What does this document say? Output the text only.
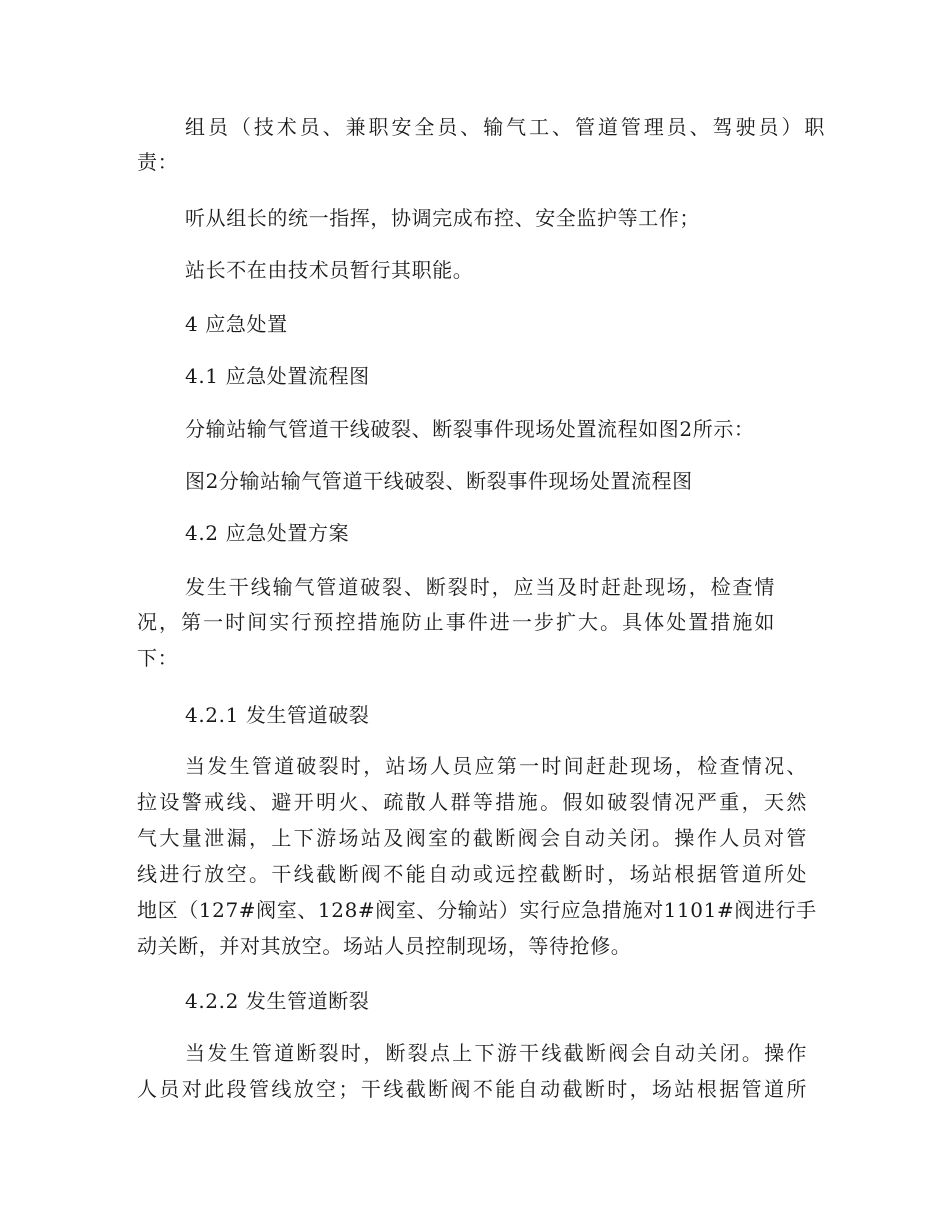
组员（技术员、兼职安全员、输气工、管道管理员、驾驶员）职
责：
听从组长的统一指挥，协调完成布控、安全监护等工作；
站长不在由技术员暂行其职能。
4 应急处置
4.1 应急处置流程图
分输站输气管道干线破裂、断裂事件现场处置流程如图2所示：
图2分输站输气管道干线破裂、断裂事件现场处置流程图
4.2 应急处置方案
发生干线输气管道破裂、断裂时，应当及时赶赴现场，检查情
况，第一时间实行预控措施防止事件进一步扩大。具体处置措施如
下：
4.2.1 发生管道破裂
当发生管道破裂时，站场人员应第一时间赶赴现场，检查情况、
拉设警戒线、避开明火、疏散人群等措施。假如破裂情况严重，天然
气大量泄漏，上下游场站及阀室的截断阀会自动关闭。操作人员对管
线进行放空。干线截断阀不能自动或远控截断时，场站根据管道所处
地区（127#阀室、128#阀室、分输站）实行应急措施对1101#阀进行手
动关断，并对其放空。场站人员控制现场，等待抢修。
4.2.2 发生管道断裂
当发生管道断裂时，断裂点上下游干线截断阀会自动关闭。操作
人员对此段管线放空；干线截断阀不能自动截断时，场站根据管道所
